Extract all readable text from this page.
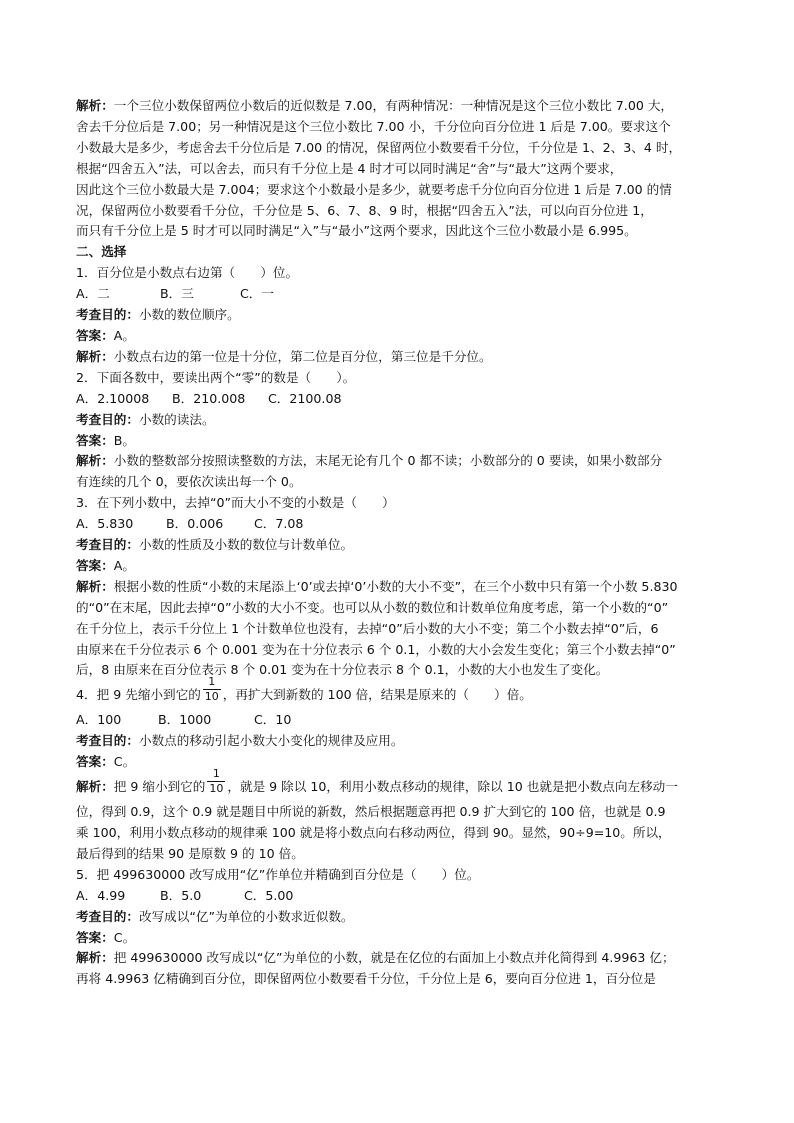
解析：一个三位小数保留两位小数后的近似数是 7.00，有两种情况：一种情况是这个三位小数比 7.00 大，

舍去千分位后是 7.00；另一种情况是这个三位小数比 7.00 小，千分位向百分位进 1 后是 7.00。要求这个

小数最大是多少，考虑舍去千分位后是 7.00 的情况，保留两位小数要看千分位，千分位是 1、2、3、4 时，

根据“四舍五入”法，可以舍去，而只有千分位上是 4 时才可以同时满足“舍”与“最大”这两个要求，

因此这个三位小数最大是 7.004；要求这个小数最小是多少，就要考虑千分位向百分位进 1 后是 7.00 的情

况，保留两位小数要看千分位，千分位是 5、6、7、8、9 时，根据“四舍五入”法，可以向百分位进 1，

而只有千分位上是 5 时才可以同时满足“入”与“最小”这两个要求，因此这个三位小数最小是 6.995。

二、选择

1．百分位是小数点右边第（　　）位。

A．二	B．三	C．一

考查目的：小数的数位顺序。

答案：A。

解析：小数点右边的第一位是十分位，第二位是百分位，第三位是千分位。

2．下面各数中，要读出两个“零”的数是（　　）。

A．2.10008 B．210.008 C．2100.08

考查目的：小数的读法。

答案：B。

解析：小数的整数部分按照读整数的方法，末尾无论有几个 0 都不读；小数部分的 0 要读，如果小数部分

有连续的几个 0，要依次读出每一个 0。

3．在下列小数中，去掉“0”而大小不变的小数是（　　）

A．5.830	B．0.006 C．7.08

考查目的：小数的性质及小数的数位与计数单位。

答案：A。

解析：根据小数的性质“小数的末尾添上‘0’或去掉‘0’小数的大小不变”，在三个小数中只有第一个小数 5.830

的“0”在末尾，因此去掉“0”小数的大小不变。也可以从小数的数位和计数单位角度考虑，第一个小数的“0”

在千分位上，表示千分位上 1 个计数单位也没有，去掉“0”后小数的大小不变；第二个小数去掉“0”后，6

由原来在千分位表示 6 个 0.001 变为在十分位表示 6 个 0.1，小数的大小会发生变化；第三个小数去掉“0”

后，8 由原来在百分位表示 8 个 0.01 变为在十分位表示 8 个 0.1，小数的大小也发生了变化。

4．把 9 先缩小到它的 $\frac{1}{10}$ ，再扩大到新数的 100 倍，结果是原来的（　　）倍。

A．100	B．1000	C．10

考查目的：小数点的移动引起小数大小变化的规律及应用。

答案：C。

解析：把 9 缩小到它的 $\frac{1}{10}$ ，就是 9 除以 10，利用小数点移动的规律，除以 10 也就是把小数点向左移动一

位，得到 0.9，这个 0.9 就是题目中所说的新数，然后根据题意再把 0.9 扩大到它的 100 倍，也就是 0.9

乘 100，利用小数点移动的规律乘 100 就是将小数点向右移动两位，得到 90。显然，90÷9=10。所以，

最后得到的结果 90 是原数 9 的 10 倍。

5．把 499630000 改写成用“亿”作单位并精确到百分位是（　　）位。

A．4.99	B．5.0	C．5.00

考查目的：改写成以“亿”为单位的小数求近似数。

答案：C。

解析：把 499630000 改写成以“亿”为单位的小数，就是在亿位的右面加上小数点并化简得到 4.9963 亿；

再将 4.9963 亿精确到百分位，即保留两位小数要看千分位，千分位上是 6，要向百分位进 1，百分位是
